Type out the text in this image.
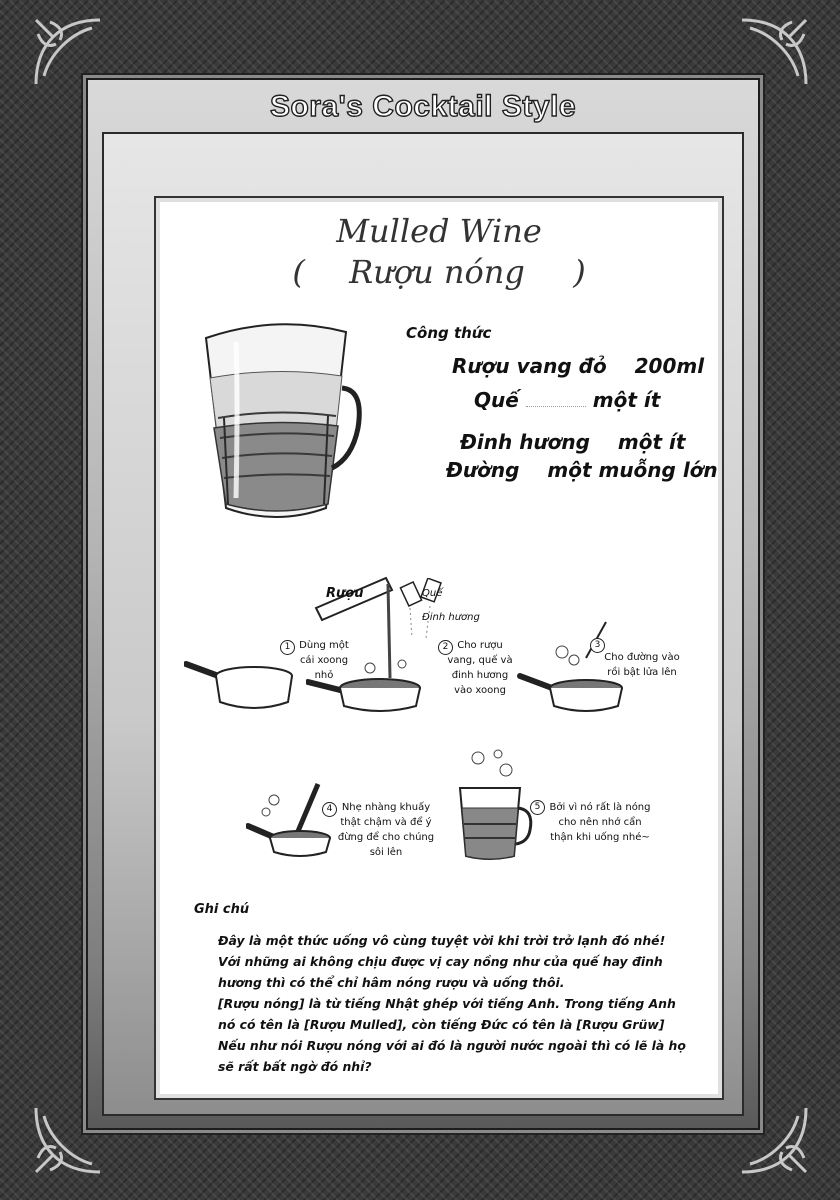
Sora's Cocktail Style
Mulled Wine
( Rượu nóng )
Công thức
Rượu vang đỏ 200ml
Quế	một ít
Đinh hương một ít
Đường một muỗng lớn
Rượu	Quế
Đinh hương
1 Dùng một
cái xoong
nhỏ
2 Cho rượu
vang, quế và
đinh hương
vào xoong
3
Cho đường vào
rồi bật lửa lên
4 Nhẹ nhàng khuấy
thật chậm và để ý
đừng để cho chúng
sôi lên
5 Bởi vì nó rất là nóng
cho nên nhớ cẩn
thận khi uống nhé~
Ghi chú
Đây là một thức uống vô cùng tuyệt vời khi trời trở lạnh đó nhé!
Với những ai không chịu được vị cay nồng như của quế hay đinh
hương thì có thể chỉ hâm nóng rượu và uống thôi.
[Rượu nóng] là từ tiếng Nhật ghép với tiếng Anh. Trong tiếng Anh
nó có tên là [Rượu Mulled], còn tiếng Đức có tên là [Rượu Grüw]
Nếu như nói Rượu nóng với ai đó là người nước ngoài thì có lẽ là họ
sẽ rất bất ngờ đó nhỉ?
